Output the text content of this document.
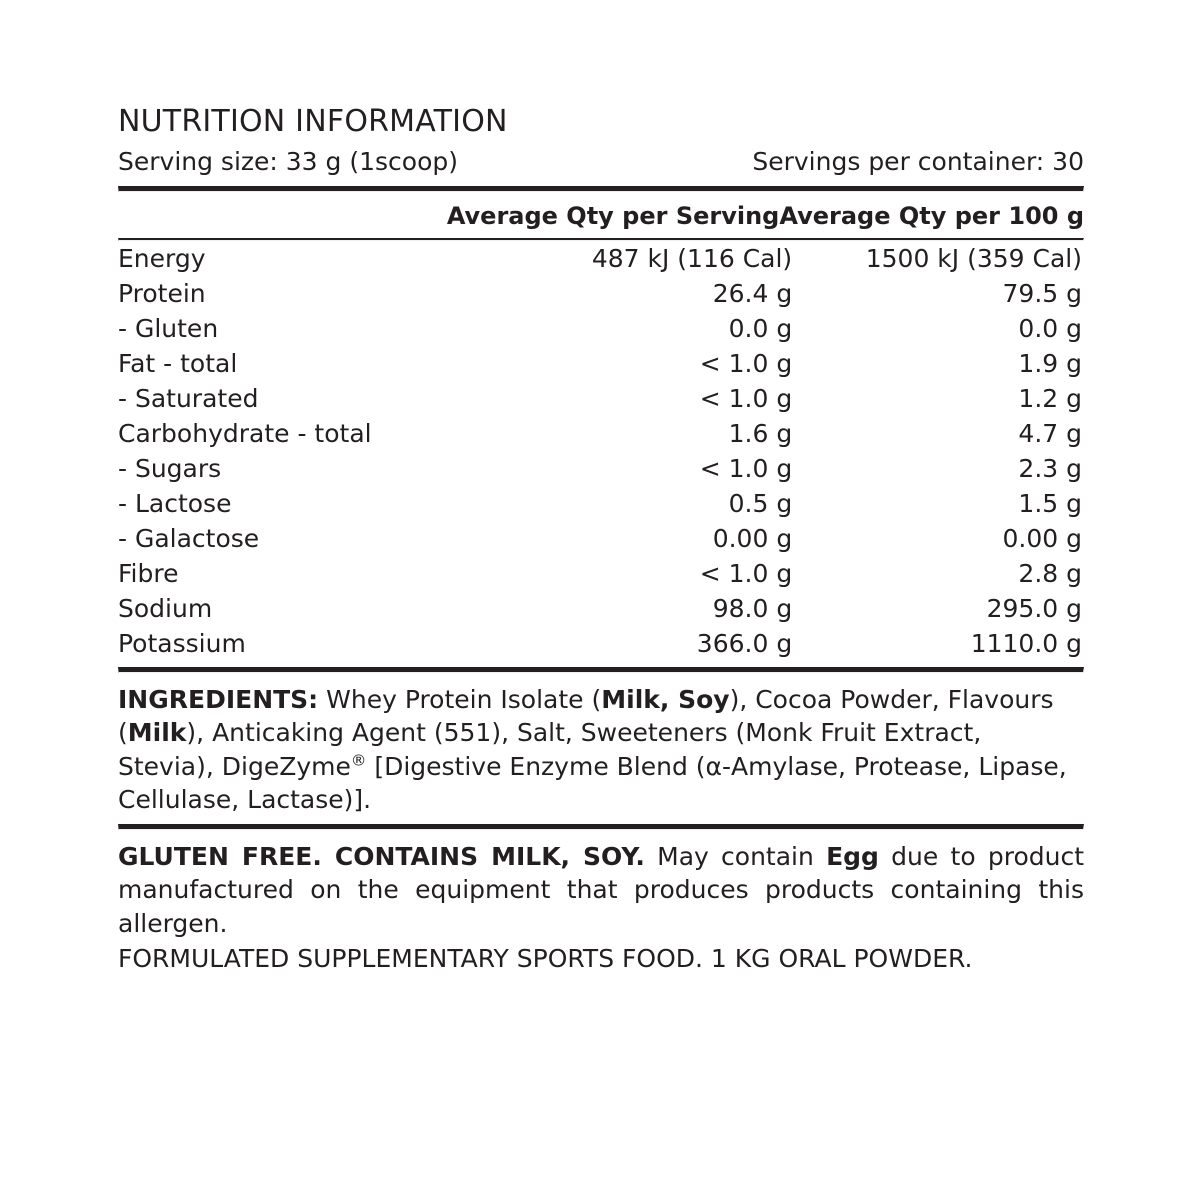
NUTRITION INFORMATION
Serving size: 33 g (1scoop)	Servings per container: 30
	Average Qty per Serving	Average Qty per 100 g
Energy	487 kJ (116 Cal)	1500 kJ (359 Cal)
Protein	26.4 g	79.5 g
- Gluten	0.0 g	0.0 g
Fat - total	< 1.0 g	1.9 g
- Saturated	< 1.0 g	1.2 g
Carbohydrate - total	1.6 g	4.7 g
- Sugars	< 1.0 g	2.3 g
- Lactose	0.5 g	1.5 g
- Galactose	0.00 g	0.00 g
Fibre	< 1.0 g	2.8 g
Sodium	98.0 g	295.0 g
Potassium	366.0 g	1110.0 g
INGREDIENTS: Whey Protein Isolate (Milk, Soy), Cocoa Powder, Flavours (Milk), Anticaking Agent (551), Salt, Sweeteners (Monk Fruit Extract, Stevia), DigeZyme® [Digestive Enzyme Blend (α-Amylase, Protease, Lipase, Cellulase, Lactase)].
GLUTEN FREE. CONTAINS MILK, SOY. May contain Egg due to product manufactured on the equipment that produces products containing this allergen.
FORMULATED SUPPLEMENTARY SPORTS FOOD. 1 KG ORAL POWDER.
